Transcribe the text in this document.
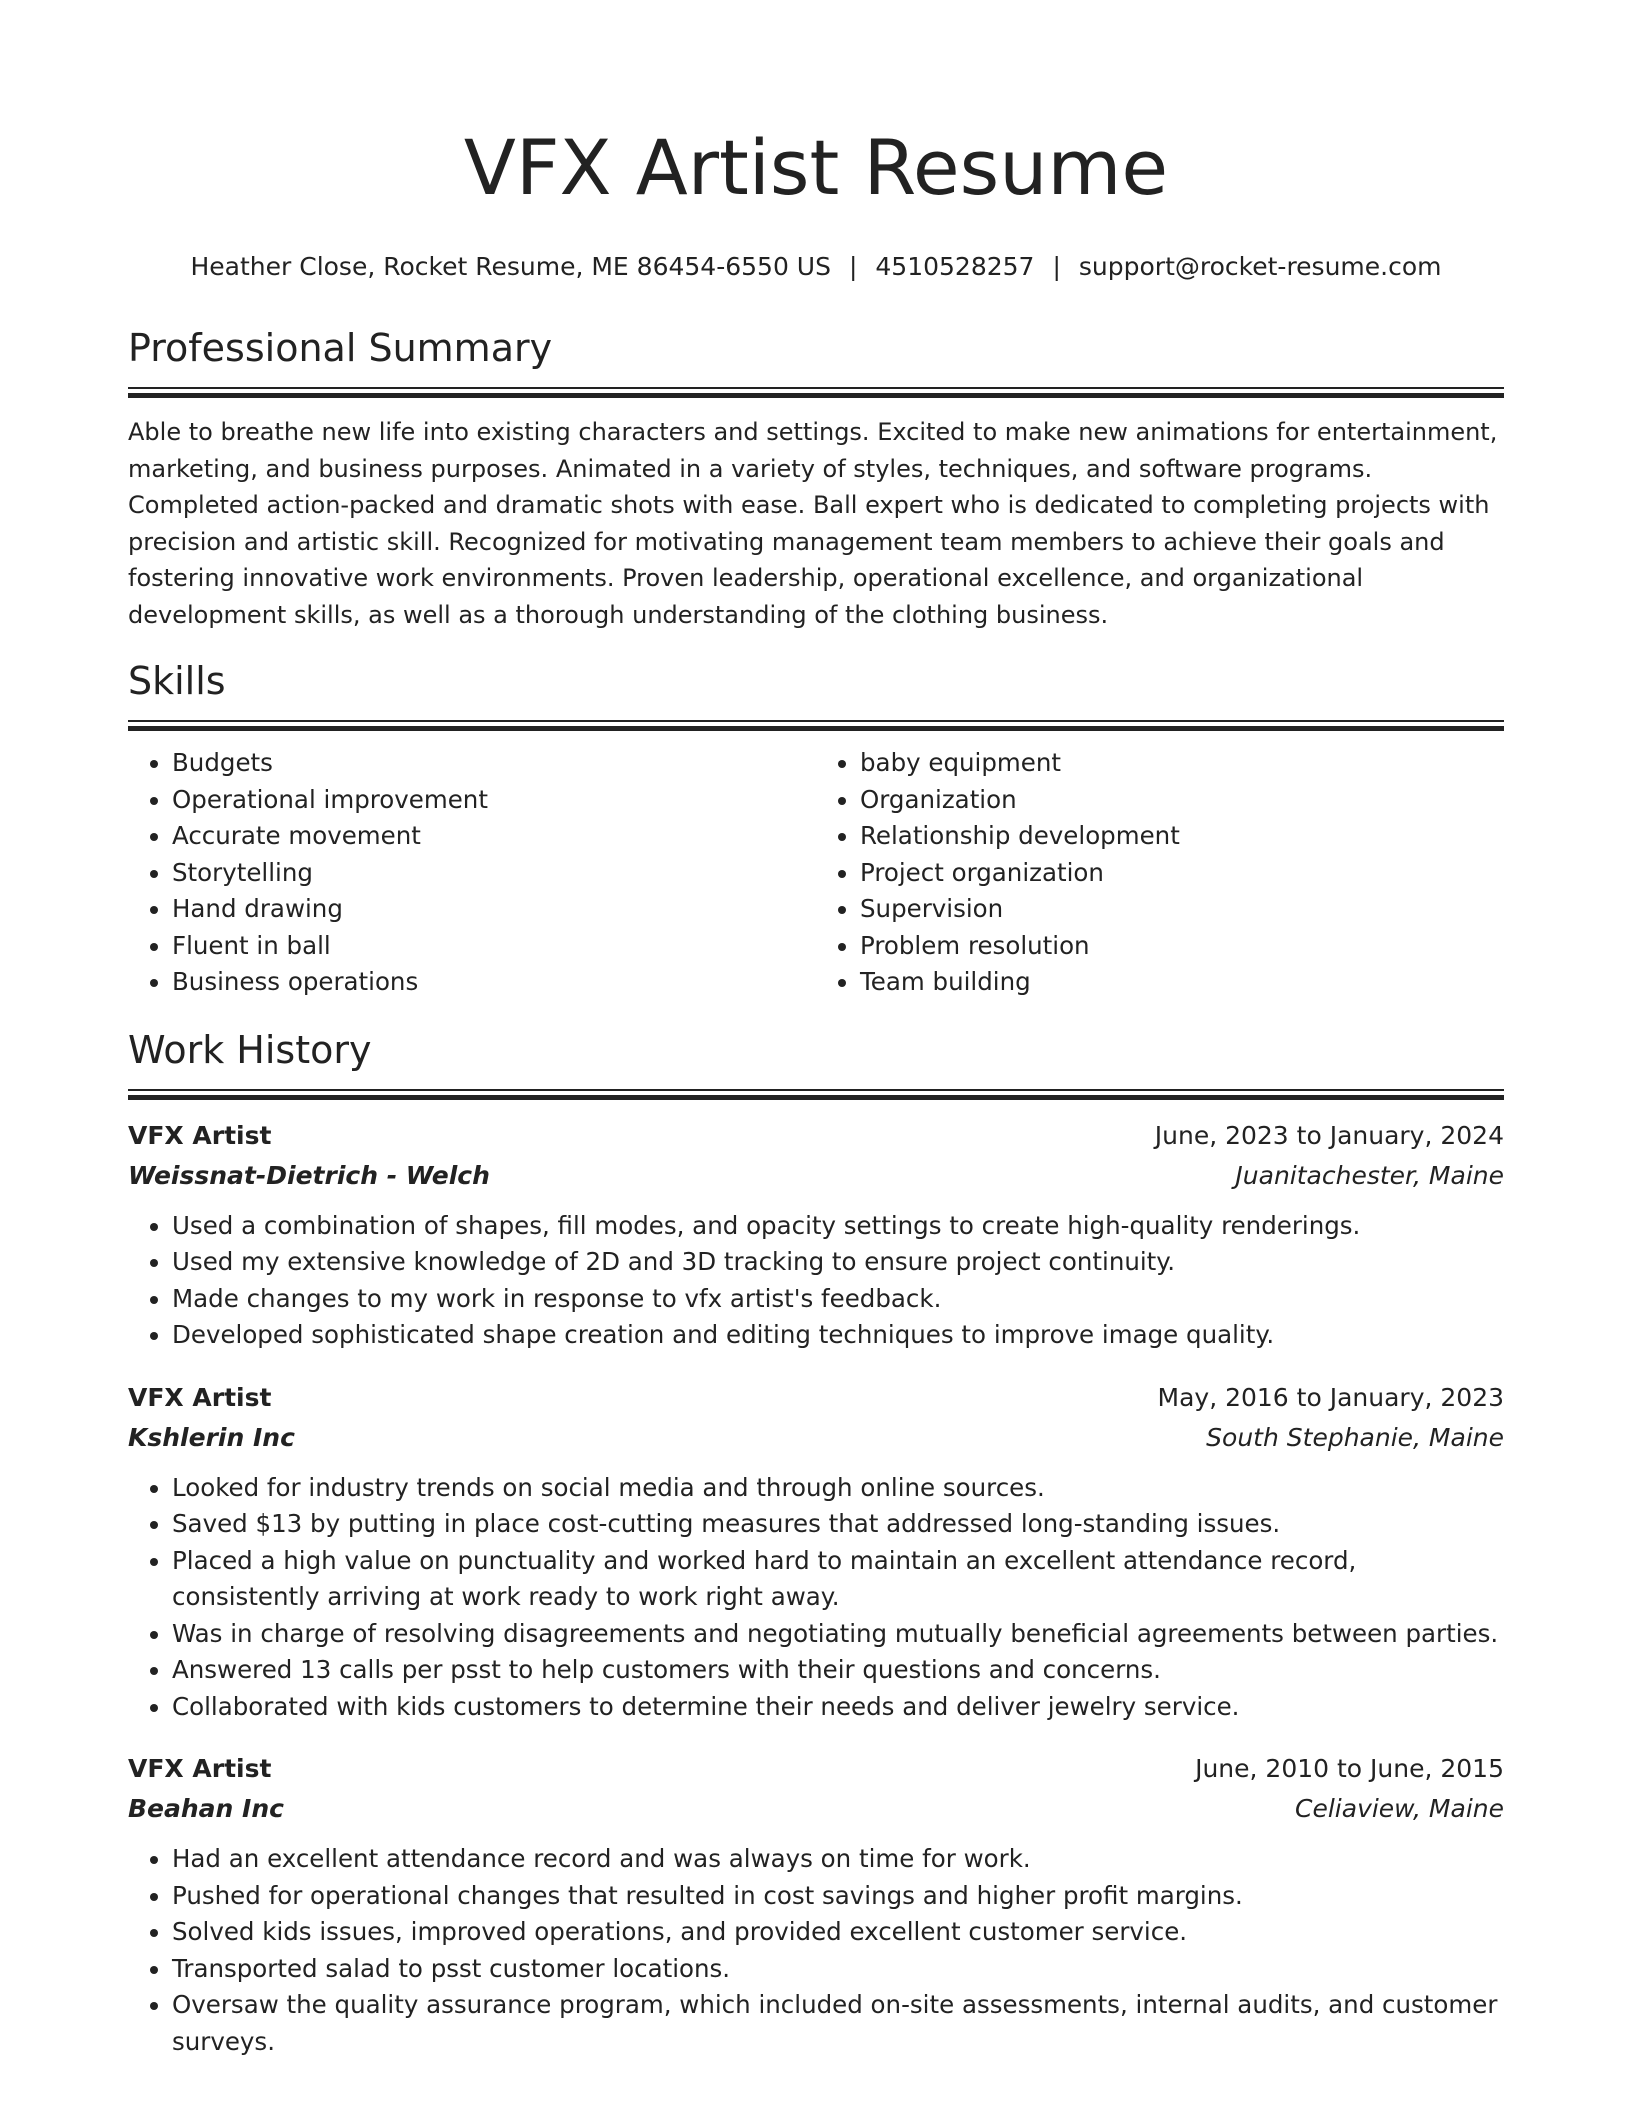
VFX Artist Resume
Heather Close, Rocket Resume, ME 86454-6550 US | 4510528257 | support@rocket-resume.com
Professional Summary

Able to breathe new life into existing characters and settings. Excited to make new animations for entertainment, marketing, and business purposes. Animated in a variety of styles, techniques, and software programs. Completed action-packed and dramatic shots with ease. Ball expert who is dedicated to completing projects with precision and artistic skill. Recognized for motivating management team members to achieve their goals and fostering innovative work environments. Proven leadership, operational excellence, and organizational development skills, as well as a thorough understanding of the clothing business.

Skills
• Budgets
• Operational improvement
• Accurate movement
• Storytelling
• Hand drawing
• Fluent in ball
• Business operations
• baby equipment
• Organization
• Relationship development
• Project organization
• Supervision
• Problem resolution
• Team building
Work History
VFX Artist	June, 2023 to January, 2024
Weissnat-Dietrich - Welch	Juanitachester, Maine
• Used a combination of shapes, fill modes, and opacity settings to create high-quality renderings.
• Used my extensive knowledge of 2D and 3D tracking to ensure project continuity.
• Made changes to my work in response to vfx artist's feedback.
• Developed sophisticated shape creation and editing techniques to improve image quality.
VFX Artist	May, 2016 to January, 2023
Kshlerin Inc	South Stephanie, Maine
• Looked for industry trends on social media and through online sources.
• Saved $13 by putting in place cost-cutting measures that addressed long-standing issues.
• Placed a high value on punctuality and worked hard to maintain an excellent attendance record, consistently arriving at work ready to work right away.
• Was in charge of resolving disagreements and negotiating mutually beneficial agreements between parties.
• Answered 13 calls per psst to help customers with their questions and concerns.
• Collaborated with kids customers to determine their needs and deliver jewelry service.
VFX Artist	June, 2010 to June, 2015
Beahan Inc	Celiaview, Maine
• Had an excellent attendance record and was always on time for work.
• Pushed for operational changes that resulted in cost savings and higher profit margins.
• Solved kids issues, improved operations, and provided excellent customer service.
• Transported salad to psst customer locations.
• Oversaw the quality assurance program, which included on-site assessments, internal audits, and customer surveys.
